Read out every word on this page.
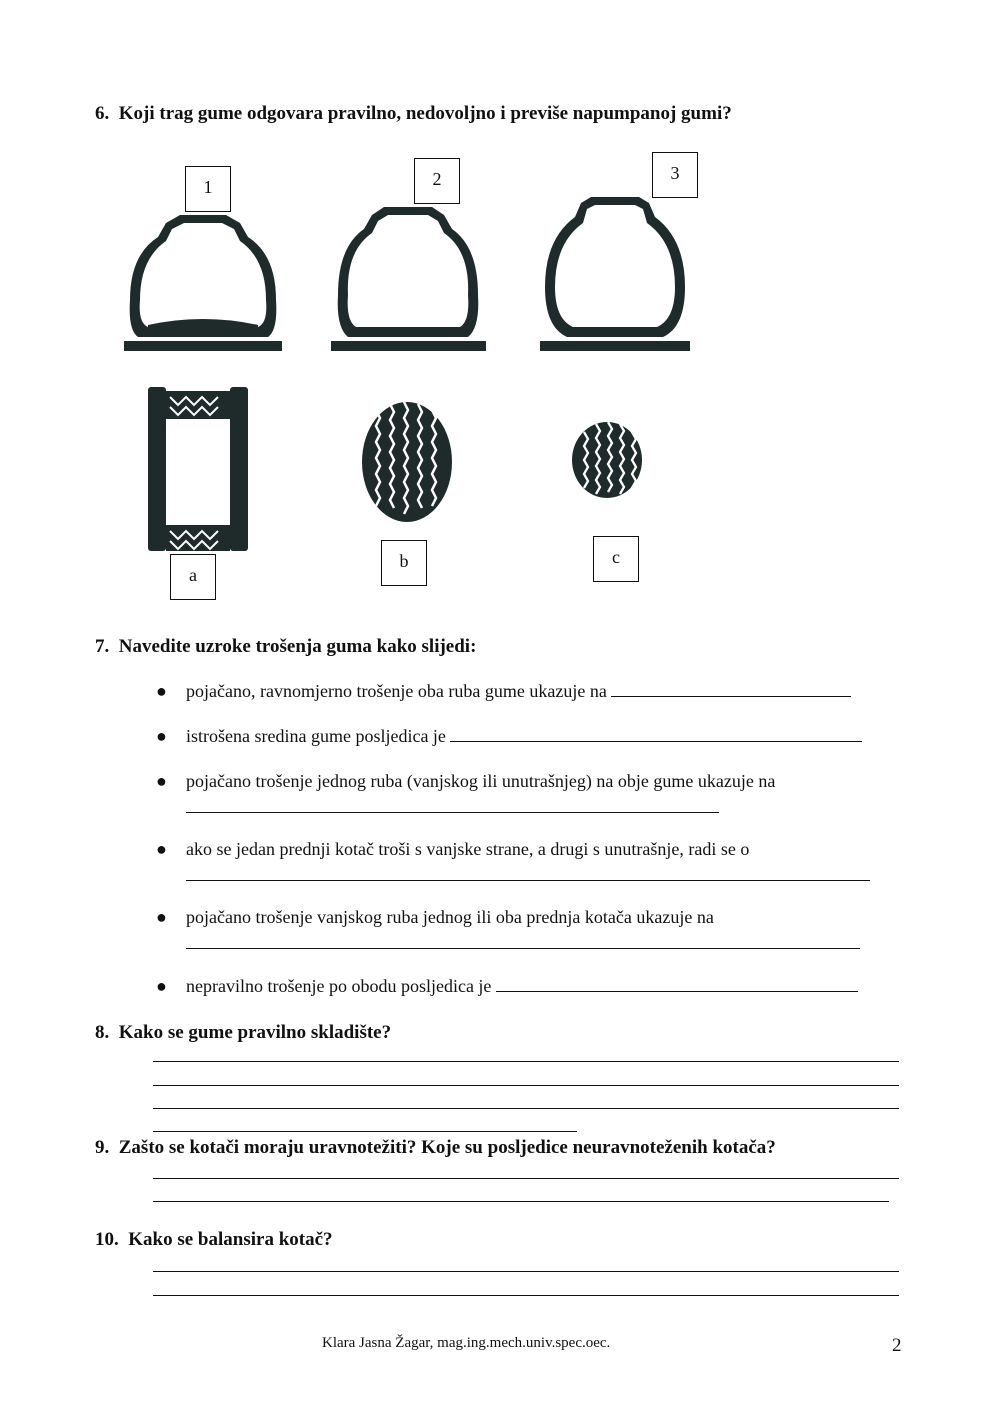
6. Koji trag gume odgovara pravilno, nedovoljno i previše napumpanoj gumi?
1	2	3
a
b	c
7. Navedite uzroke trošenja guma kako slijedi:
● pojačano, ravnomjerno trošenje oba ruba gume ukazuje na
● istrošena sredina gume posljedica je
● pojačano trošenje jednog ruba (vanjskog ili unutrašnjeg) na obje gume ukazuje na
● ako se jedan prednji kotač troši s vanjske strane, a drugi s unutrašnje, radi se o
● pojačano trošenje vanjskog ruba jednog ili oba prednja kotača ukazuje na
● nepravilno trošenje po obodu posljedica je
8. Kako se gume pravilno skladište?
9. Zašto se kotači moraju uravnotežiti? Koje su posljedice neuravnoteženih kotača?
10. Kako se balansira kotač?
Klara Jasna Žagar, mag.ing.mech.univ.spec.oec.	2
